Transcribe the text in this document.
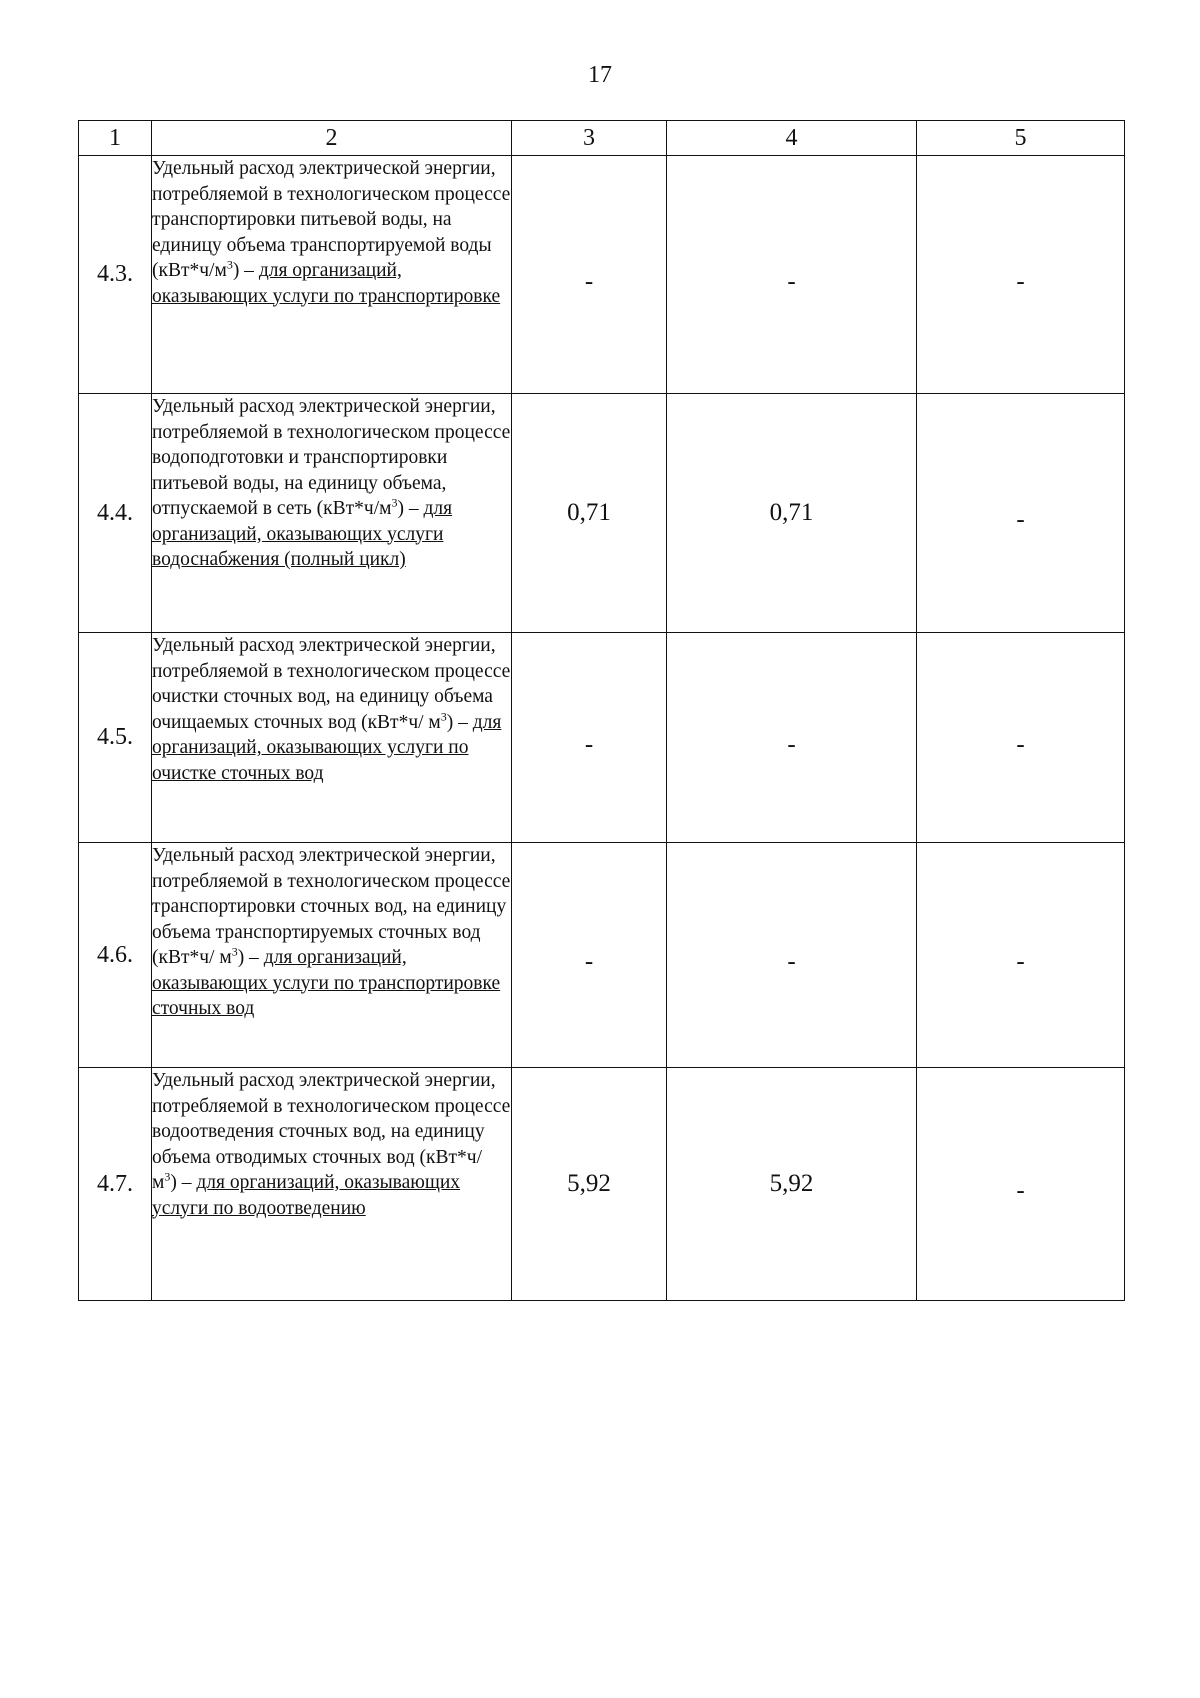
17
1	2	3	4	5
4.3.	Удельный расход электрической энергии, потребляемой в технологическом процессе транспортировки питьевой воды, на единицу объема транспортируемой воды $(кВт*ч/м^3)$ – для организаций, оказывающих услуги по транспортировке	-	-	-
4.4.	Удельный расход электрической энергии, потребляемой в технологическом процессе водоподготовки и транспортировки питьевой воды, на единицу объема, отпускаемой в сеть $(кВт*ч/м^3)$ – для организаций, оказывающих услуги водоснабжения (полный цикл)	0,71	0,71	-
4.5.	Удельный расход электрической энергии, потребляемой в технологическом процессе очистки сточных вод, на единицу объема очищаемых сточных вод (кВт*ч/ $м^3$) – для организаций, оказывающих услуги по очистке сточных вод	-	-	-
4.6.	Удельный расход электрической энергии, потребляемой в технологическом процессе транспортировки сточных вод, на единицу объема транспортируемых сточных вод (кВт*ч/ $м^3$) – для организаций, оказывающих услуги по транспортировке сточных вод	-	-	-
4.7.	Удельный расход электрической энергии, потребляемой в технологическом процессе водоотведения сточных вод, на единицу объема отводимых сточных вод (кВт*ч/ $м^3$) – для организаций, оказывающих услуги по водоотведению	5,92	5,92	-
